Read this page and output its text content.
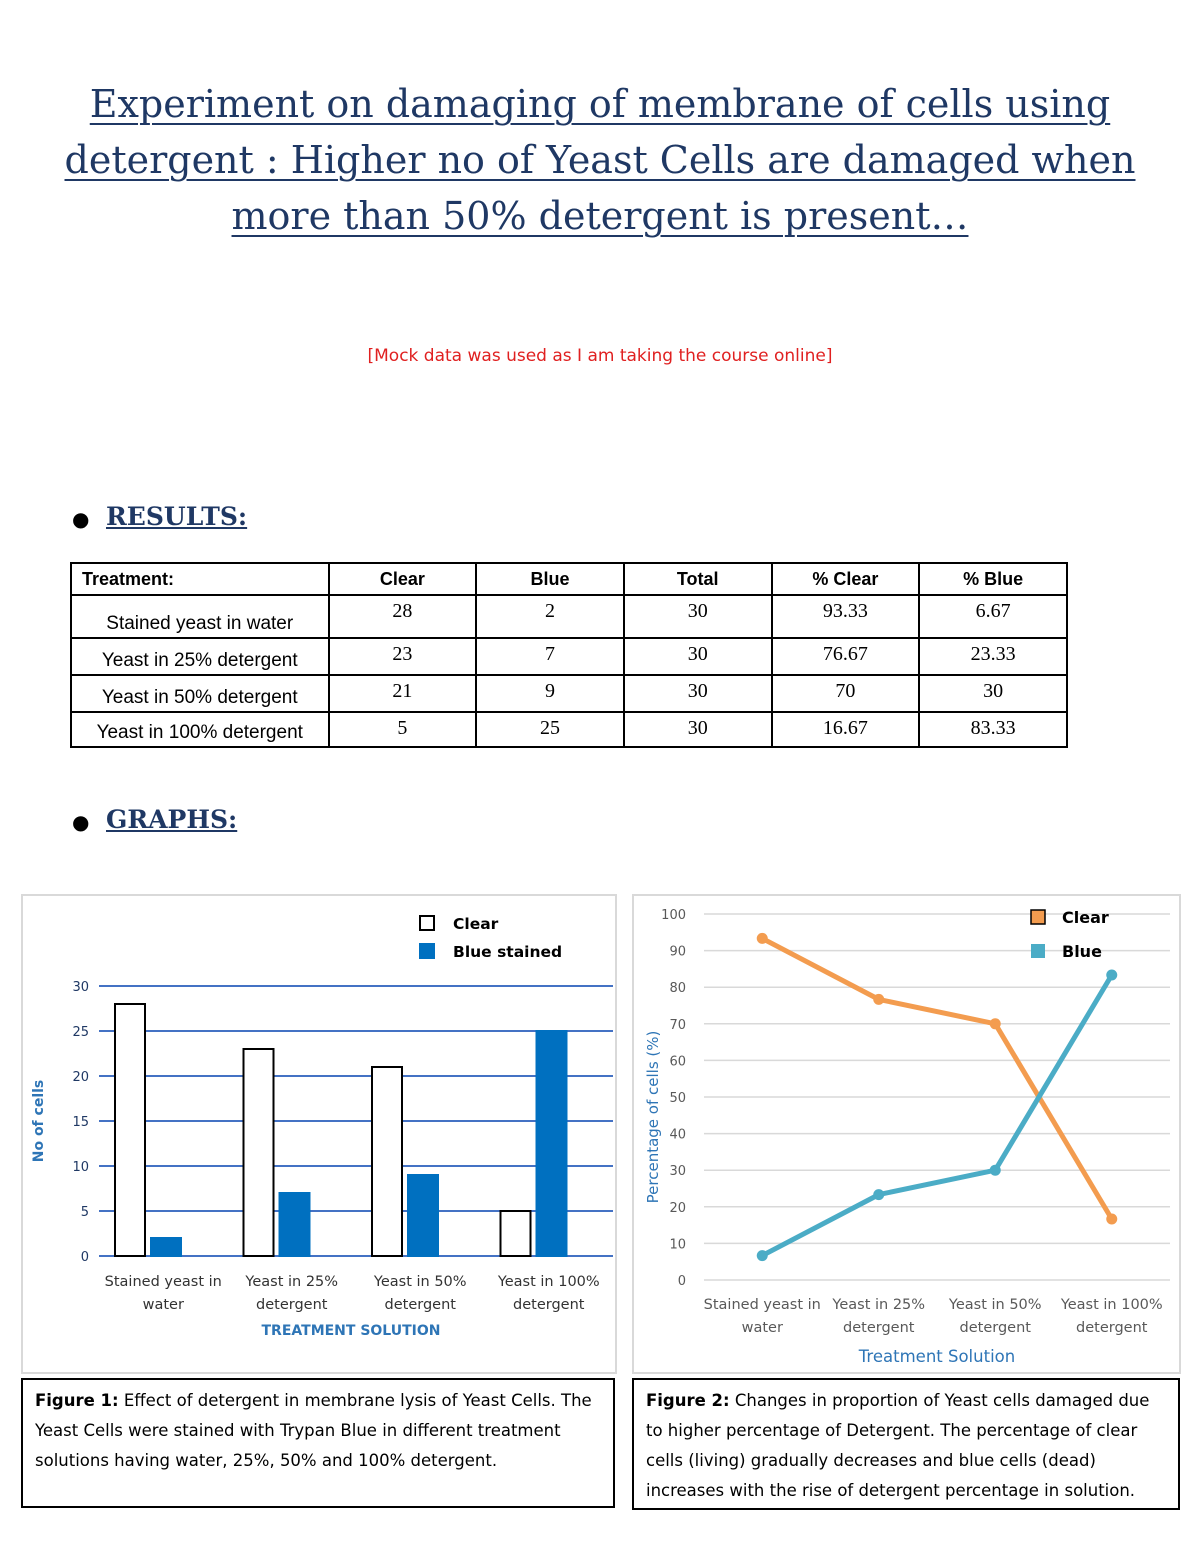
Experiment on damaging of membrane of cells using detergent : Higher no of Yeast Cells are damaged when more than 50% detergent is present…
[Mock data was used as I am taking the course online]
● RESULTS:
Treatment:	Clear	Blue	Total	% Clear	% Blue
Stained yeast in water	28	2	30	93.33	6.67
Yeast in 25% detergent	23	7	30	76.67	23.33
Yeast in 50% detergent	21	9	30	70	30
Yeast in 100% detergent	5	25	30	16.67	83.33
● GRAPHS:
0
5
10
15
20
25
30
Stained yeast in
water
Yeast in 25%
detergent
Yeast in 50%
detergent
Yeast in 100%
detergent
TREATMENT SOLUTION
No of cells
Clear
Blue stained
0
10
20
30
40
50
60
70
80
90
100
Stained yeast in
water
Yeast in 25%
detergent
Yeast in 50%
detergent
Yeast in 100%
detergent
Treatment Solution
Percentage of cells (%)
Clear
Blue
Figure 1: Effect of detergent in membrane lysis of Yeast Cells. The Yeast Cells were stained with Trypan Blue in different treatment solutions having water, 25%, 50% and 100% detergent.
Figure 2: Changes in proportion of Yeast cells damaged due to higher percentage of Detergent. The percentage of clear cells (living) gradually decreases and blue cells (dead) increases with the rise of detergent percentage in solution.
